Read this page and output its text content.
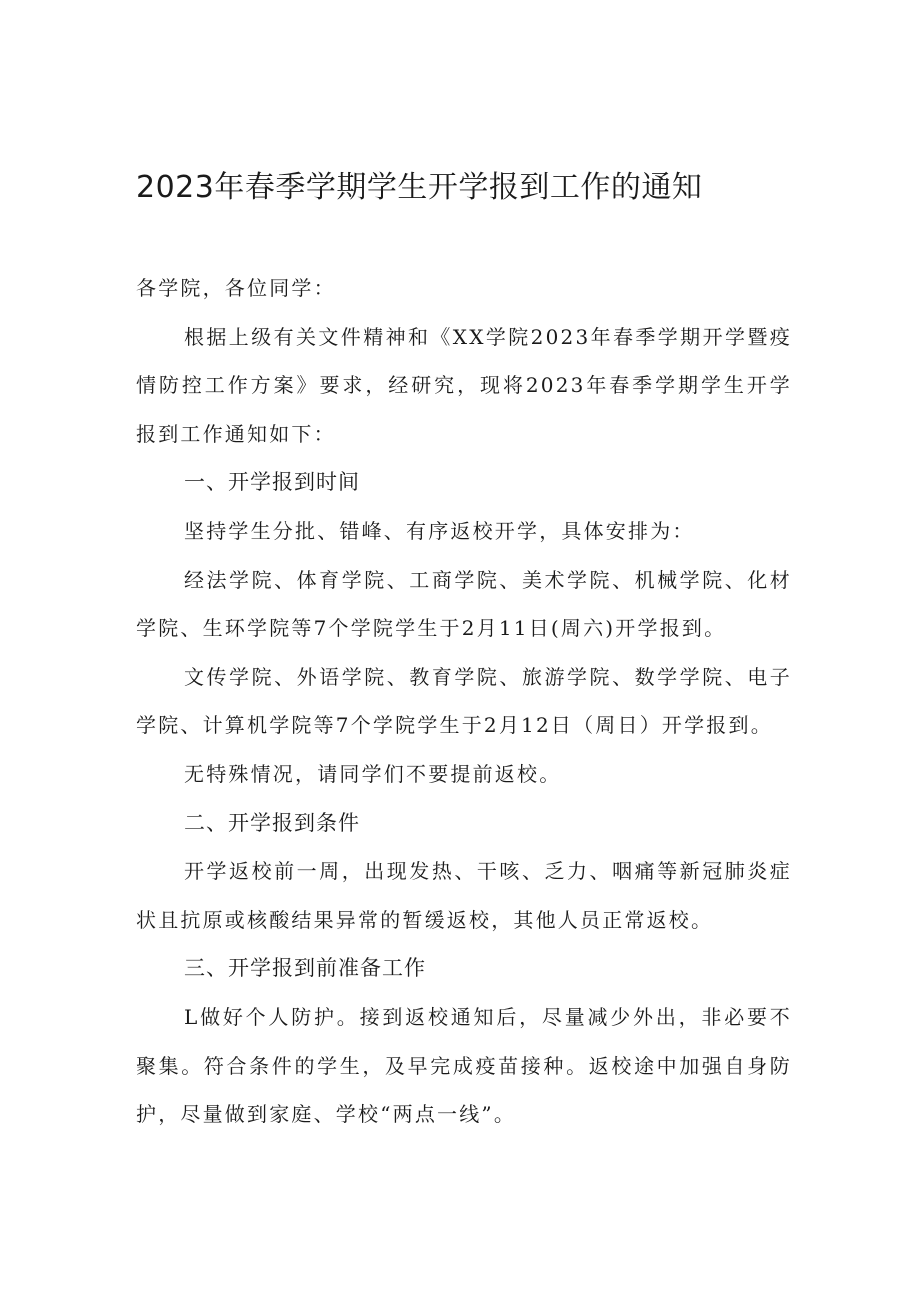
2023年春季学期学生开学报到工作的通知

各学院，各位同学：

根据上级有关文件精神和《XX学院2023年春季学期开学暨疫情防控工作方案》要求，经研究，现将2023年春季学期学生开学报到工作通知如下：

一、开学报到时间

坚持学生分批、错峰、有序返校开学，具体安排为：

经法学院、体育学院、工商学院、美术学院、机械学院、化材学院、生环学院等7个学院学生于2月11日(周六)开学报到。

文传学院、外语学院、教育学院、旅游学院、数学学院、电子学院、计算机学院等7个学院学生于2月12日（周日）开学报到。

无特殊情况，请同学们不要提前返校。

二、开学报到条件

开学返校前一周，出现发热、干咳、乏力、咽痛等新冠肺炎症状且抗原或核酸结果异常的暂缓返校，其他人员正常返校。

三、开学报到前准备工作

L做好个人防护。接到返校通知后，尽量减少外出，非必要不聚集。符合条件的学生，及早完成疫苗接种。返校途中加强自身防护，尽量做到家庭、学校“两点一线”。
